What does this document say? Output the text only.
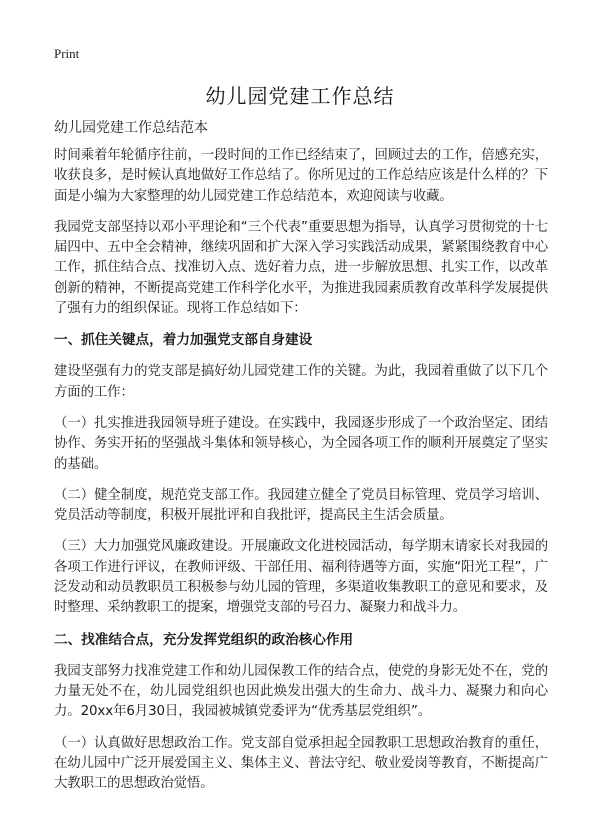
Print
幼儿园党建工作总结
幼儿园党建工作总结范本

时间乘着年轮循序往前，一段时间的工作已经结束了，回顾过去的工作，倍感充实，收获良多，是时候认真地做好工作总结了。你所见过的工作总结应该是什么样的？下面是小编为大家整理的幼儿园党建工作总结范本，欢迎阅读与收藏。

我园党支部坚持以邓小平理论和“三个代表”重要思想为指导，认真学习贯彻党的十七届四中、五中全会精神，继续巩固和扩大深入学习实践活动成果，紧紧围绕教育中心工作，抓住结合点、找准切入点、选好着力点，进一步解放思想、扎实工作，以改革创新的精神，不断提高党建工作科学化水平，为推进我园素质教育改革科学发展提供了强有力的组织保证。现将工作总结如下：

一、抓住关键点，着力加强党支部自身建设

建设坚强有力的党支部是搞好幼儿园党建工作的关键。为此，我园着重做了以下几个方面的工作：

（一）扎实推进我园领导班子建设。在实践中，我园逐步形成了一个政治坚定、团结协作、务实开拓的坚强战斗集体和领导核心，为全园各项工作的顺利开展奠定了坚实的基础。

（二）健全制度，规范党支部工作。我园建立健全了党员目标管理、党员学习培训、党员活动等制度，积极开展批评和自我批评，提高民主生活会质量。

（三）大力加强党风廉政建设。开展廉政文化进校园活动，每学期末请家长对我园的各项工作进行评议，在教师评级、干部任用、福利待遇等方面，实施“阳光工程”，广泛发动和动员教职员工积极参与幼儿园的管理，多渠道收集教职工的意见和要求，及时整理、采纳教职工的提案，增强党支部的号召力、凝聚力和战斗力。

二、找准结合点，充分发挥党组织的政治核心作用

我园支部努力找准党建工作和幼儿园保教工作的结合点，使党的身影无处不在，党的力量无处不在，幼儿园党组织也因此焕发出强大的生命力、战斗力、凝聚力和向心力。20xx年6月30日，我园被城镇党委评为“优秀基层党组织”。

（一）认真做好思想政治工作。党支部自觉承担起全园教职工思想政治教育的重任，在幼儿园中广泛开展爱国主义、集体主义、普法守纪、敬业爱岗等教育，不断提高广大教职工的思想政治觉悟。
